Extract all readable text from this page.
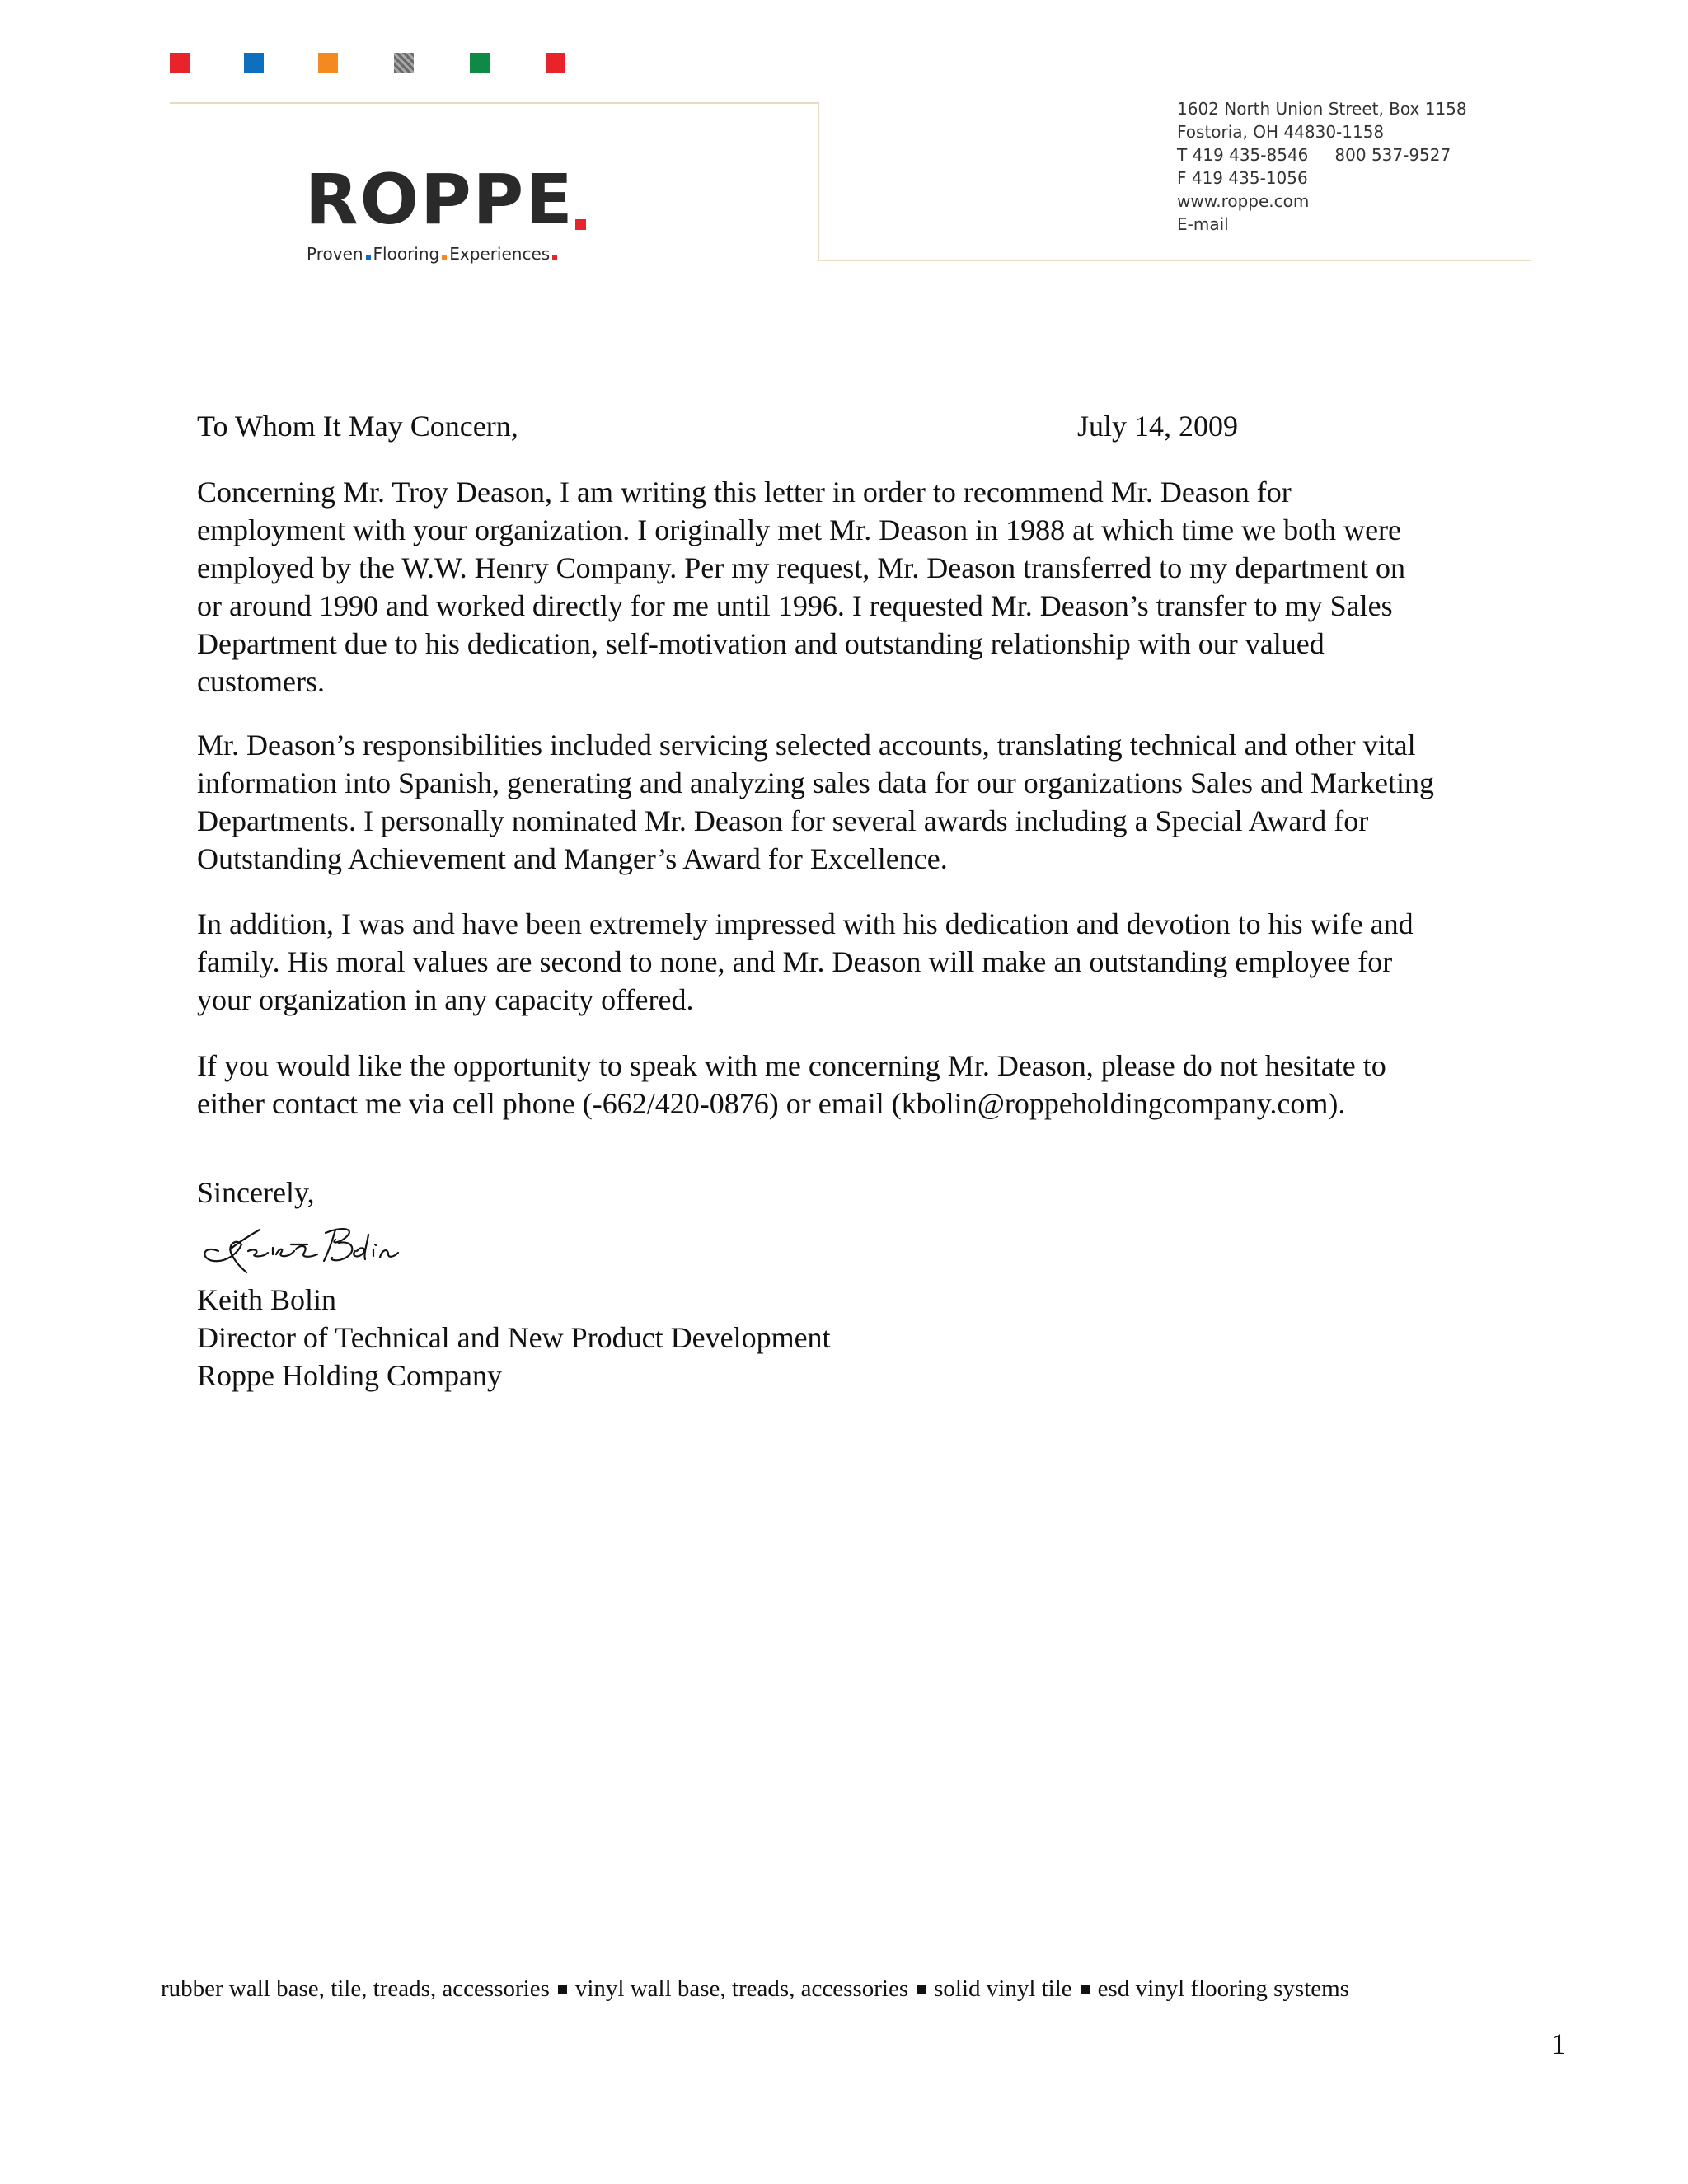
ROPPE
Proven Flooring Experiences
1602 North Union Street, Box 1158
Fostoria, OH 44830-1158
T 419 435-8546 800 537-9527
F 419 435-1056
www.roppe.com
E-mail
To Whom It May Concern,	July 14, 2009
Concerning Mr. Troy Deason, I am writing this letter in order to recommend Mr. Deason for
employment with your organization. I originally met Mr. Deason in 1988 at which time we both were
employed by the W.W. Henry Company. Per my request, Mr. Deason transferred to my department on
or around 1990 and worked directly for me until 1996. I requested Mr. Deason’s transfer to my Sales
Department due to his dedication, self-motivation and outstanding relationship with our valued
customers.
Mr. Deason’s responsibilities included servicing selected accounts, translating technical and other vital
information into Spanish, generating and analyzing sales data for our organizations Sales and Marketing
Departments. I personally nominated Mr. Deason for several awards including a Special Award for
Outstanding Achievement and Manger’s Award for Excellence.
In addition, I was and have been extremely impressed with his dedication and devotion to his wife and
family. His moral values are second to none, and Mr. Deason will make an outstanding employee for
your organization in any capacity offered.
If you would like the opportunity to speak with me concerning Mr. Deason, please do not hesitate to
either contact me via cell phone (-662/420-0876) or email (kbolin@roppeholdingcompany.com).
Sincerely,
Keith Bolin
Keith Bolin
Director of Technical and New Product Development
Roppe Holding Company
rubber wall base, tile, treads, accessories vinyl wall base, treads, accessories solid vinyl tile esd vinyl flooring systems
1
